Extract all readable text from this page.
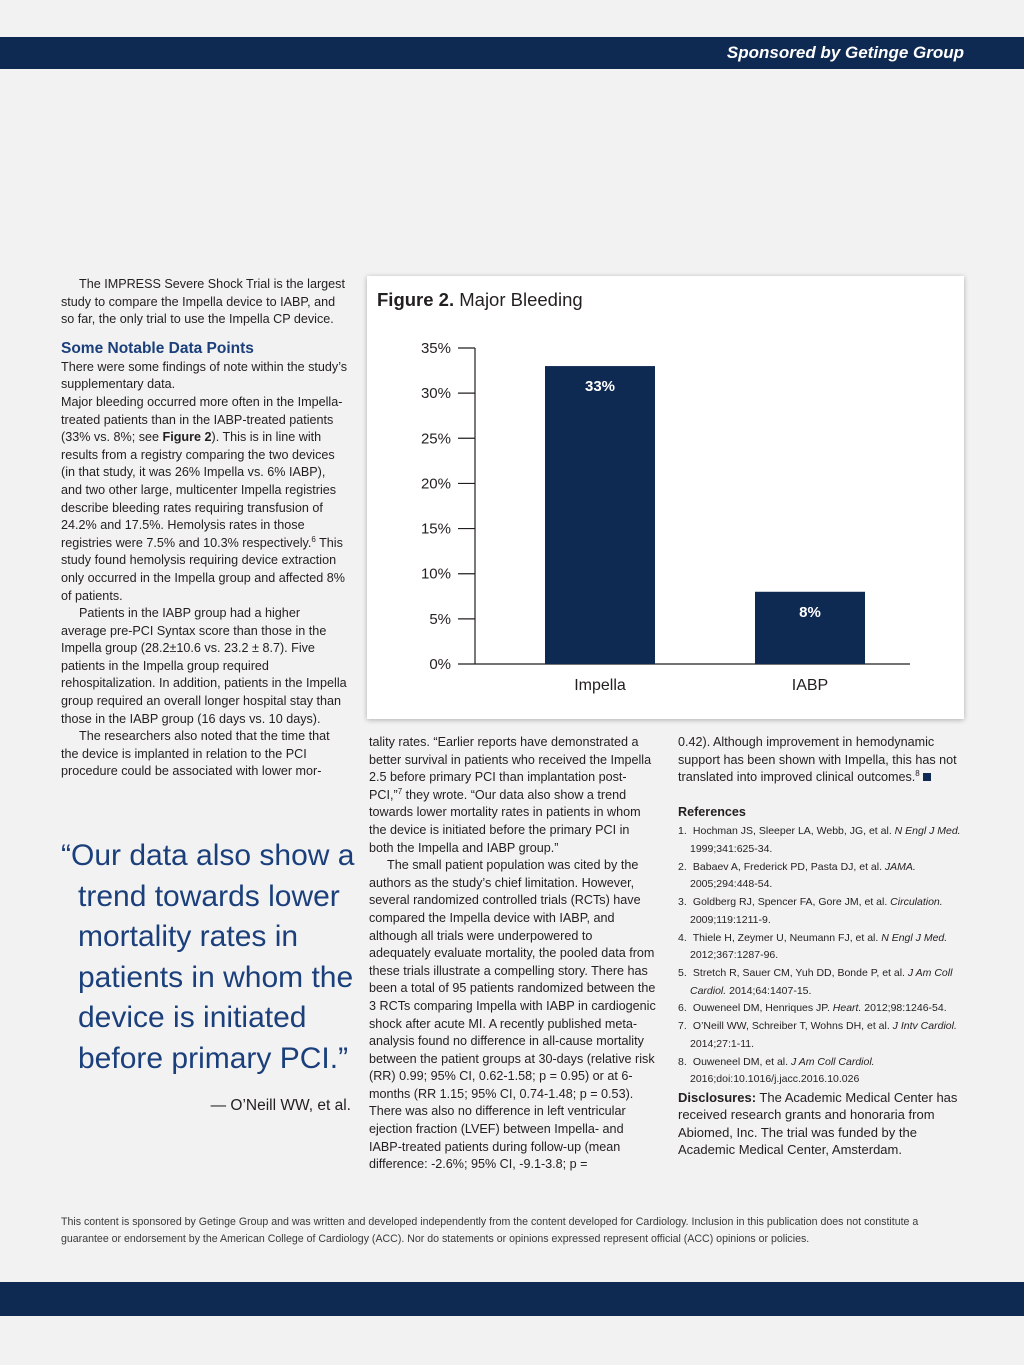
Sponsored by Getinge Group

The IMPRESS Severe Shock Trial is the largest study to compare the Impella device to IABP, and so far, the only trial to use the Impella CP device.

Some Notable Data Points

There were some findings of note within the study’s supplementary data.

Major bleeding occurred more often in the Impella-treated patients than in the IABP-treated patients (33% vs. 8%; see Figure 2). This is in line with results from a registry comparing the two devices (in that study, it was 26% Impella vs. 6% IABP), and two other large, multicenter Impella registries describe bleeding rates requiring transfusion of 24.2% and 17.5%. Hemolysis rates in those registries were 7.5% and 10.3% respectively.$^6$ This study found hemolysis requiring device extraction only occurred in the Impella group and affected 8% of patients.

Patients in the IABP group had a higher average pre-PCI Syntax score than those in the Impella group (28.2±10.6 vs. 23.2 ± 8.7). Five patients in the Impella group required rehospitalization. In addition, patients in the Impella group required an overall longer hospital stay than those in the IABP group (16 days vs. 10 days).

The researchers also noted that the time that the device is implanted in relation to the PCI procedure could be associated with lower mor-

“Our data also show a trend towards lower mortality rates in patients in whom the device is initiated before primary PCI.”
— O’Neill WW, et al.
Figure 2. Major Bleeding
0%
5%
10%
15%
20%
25%
30%
35%
33%
Impella
8%
IABP

tality rates. “Earlier reports have demonstrated a better survival in patients who received the Impella 2.5 before primary PCI than implantation post-PCI,”$^7$ they wrote. “Our data also show a trend towards lower mortality rates in patients in whom the device is initiated before the primary PCI in both the Impella and IABP group.”

The small patient population was cited by the authors as the study’s chief limitation. However, several randomized controlled trials (RCTs) have compared the Impella device with IABP, and although all trials were underpowered to adequately evaluate mortality, the pooled data from these trials illustrate a compelling story. There has been a total of 95 patients randomized between the 3 RCTs comparing Impella with IABP in cardiogenic shock after acute MI. A recently published meta-analysis found no difference in all-cause mortality between the patient groups at 30-days (relative risk (RR) 0.99; 95% CI, 0.62-1.58; p = 0.95) or at 6-months (RR 1.15; 95% CI, 0.74-1.48; p = 0.53). There was also no difference in left ventricular ejection fraction (LVEF) between Impella- and IABP-treated patients during follow-up (mean difference: -2.6%; 95% CI, -9.1-3.8; p =

0.42). Although improvement in hemodynamic support has been shown with Impella, this has not translated into improved clinical outcomes.$^8$

References
1. Hochman JS, Sleeper LA, Webb, JG, et al. N Engl J Med. 1999;341:625-34.
2. Babaev A, Frederick PD, Pasta DJ, et al. JAMA. 2005;294:448-54.
3. Goldberg RJ, Spencer FA, Gore JM, et al. Circulation. 2009;119:1211-9.
4. Thiele H, Zeymer U, Neumann FJ, et al. N Engl J Med. 2012;367:1287-96.
5. Stretch R, Sauer CM, Yuh DD, Bonde P, et al. J Am Coll Cardiol. 2014;64:1407-15.
6. Ouweneel DM, Henriques JP. Heart. 2012;98:1246-54.
7. O’Neill WW, Schreiber T, Wohns DH, et al. J Intv Cardiol. 2014;27:1-11.
8. Ouweneel DM, et al. J Am Coll Cardiol. 2016;doi:10.1016/j.jacc.2016.10.026

Disclosures: The Academic Medical Center has received research grants and honoraria from Abiomed, Inc. The trial was funded by the Academic Medical Center, Amsterdam.

This content is sponsored by Getinge Group and was written and developed independently from the content developed for Cardiology. Inclusion in this publication does not constitute a guarantee or endorsement by the American College of Cardiology (ACC). Nor do statements or opinions expressed represent official (ACC) opinions or policies.
